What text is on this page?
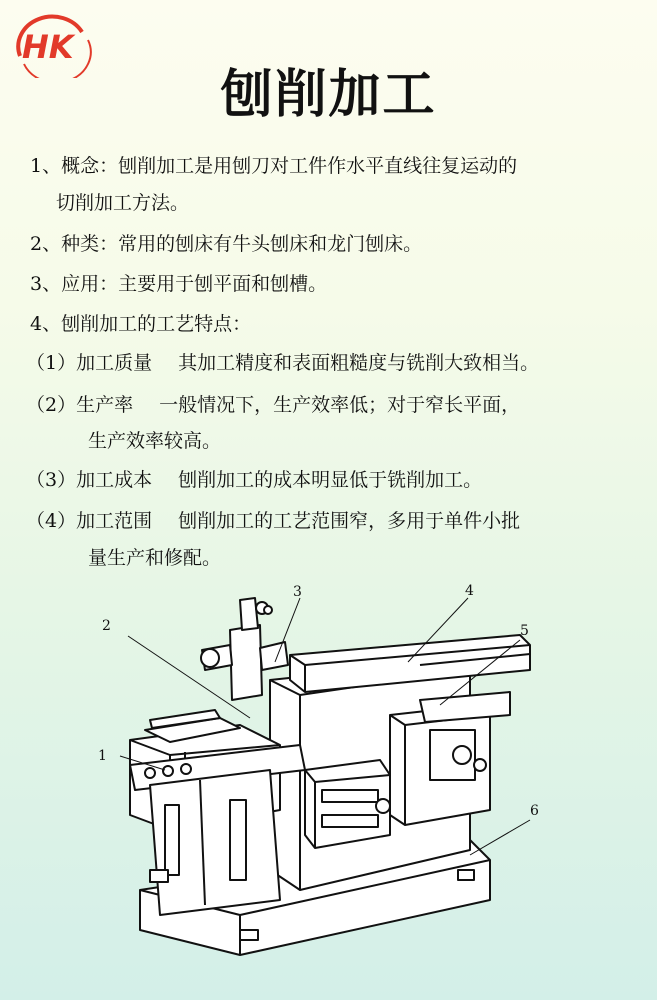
HK
刨削加工
1、概念：刨削加工是用刨刀对工件作水平直线往复运动的
切削加工方法。
2、种类：常用的刨床有牛头刨床和龙门刨床。
3、应用：主要用于刨平面和刨槽。
4、刨削加工的工艺特点：
（1）加工质量 其加工精度和表面粗糙度与铣削大致相当。
（2）生产率 一般情况下，生产效率低；对于窄长平面，
生产效率较高。
（3）加工成本 刨削加工的成本明显低于铣削加工。
（4）加工范围 刨削加工的工艺范围窄，多用于单件小批
量生产和修配。
1
2
3	4
5
6
